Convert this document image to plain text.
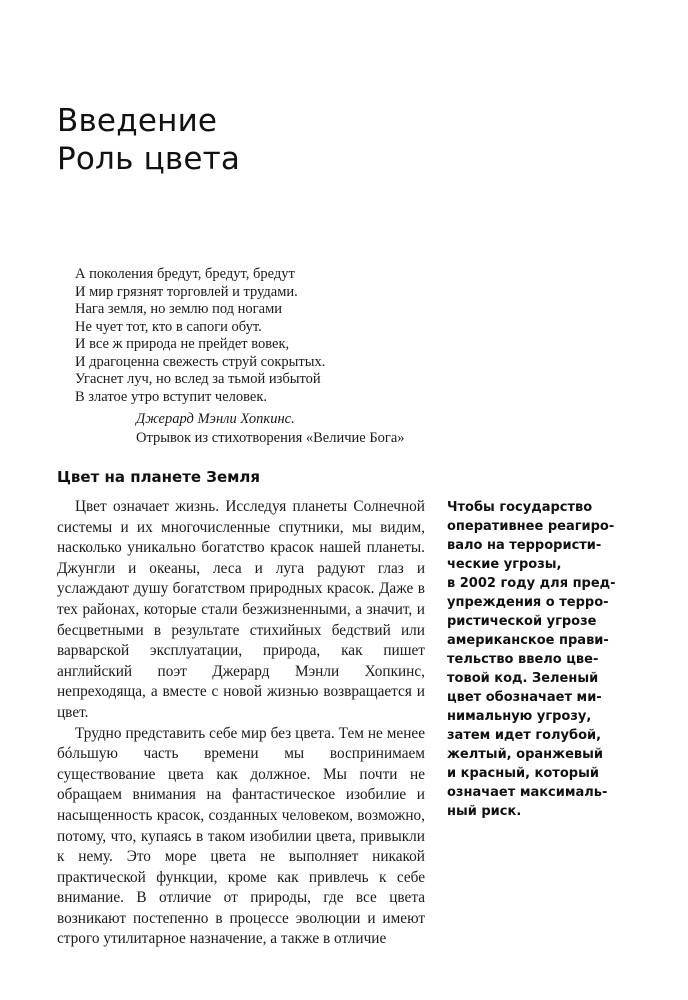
Введение
Роль цвета
А поколения бредут, бредут, бредут
И мир грязнят торговлей и трудами.
Нага земля, но землю под ногами
Не чует тот, кто в сапоги обут.
И все ж природа не прейдет вовек,
И драгоценна свежесть струй сокрытых.
Угаснет луч, но вслед за тьмой избытой
В златое утро вступит человек.
Джерард Мэнли Хопкинс.
Отрывок из стихотворения «Величие Бога»
Цвет на планете Земля

Цвет означает жизнь. Исследуя планеты Солнечной системы и их многочисленные спутники, мы видим, насколько уникально богатство красок нашей планеты. Джунгли и океаны, леса и луга радуют глаз и услаждают душу богатством природных красок. Даже в тех районах, которые стали безжизненными, а значит, и бесцветными в результате стихийных бедствий или варварской эксплуатации, природа, как пишет английский поэт Джерард Мэнли Хопкинс, непреходяща, а вместе с новой жизнью возвращается и цвет.

Трудно представить себе мир без цвета. Тем не менее бóльшую часть времени мы воспринимаем существование цвета как должное. Мы почти не обращаем внимания на фантастическое изобилие и насыщенность красок, созданных человеком, возможно, потому, что, купаясь в таком изобилии цвета, привыкли к нему. Это море цвета не выполняет никакой практической функции, кроме как привлечь к себе внимание. В отличие от природы, где все цвета возникают постепенно в процессе эволюции и имеют строго утилитарное назначение, а также в отличие

Чтобы государство
оперативнее реагиро-
вало на террористи-
ческие угрозы,
в 2002 году для пред-
упреждения о терро-
ристической угрозе
американское прави-
тельство ввело цве-
товой код. Зеленый
цвет обозначает ми-
нимальную угрозу,
затем идет голубой,
желтый, оранжевый
и красный, который
означает максималь-
ный риск.
